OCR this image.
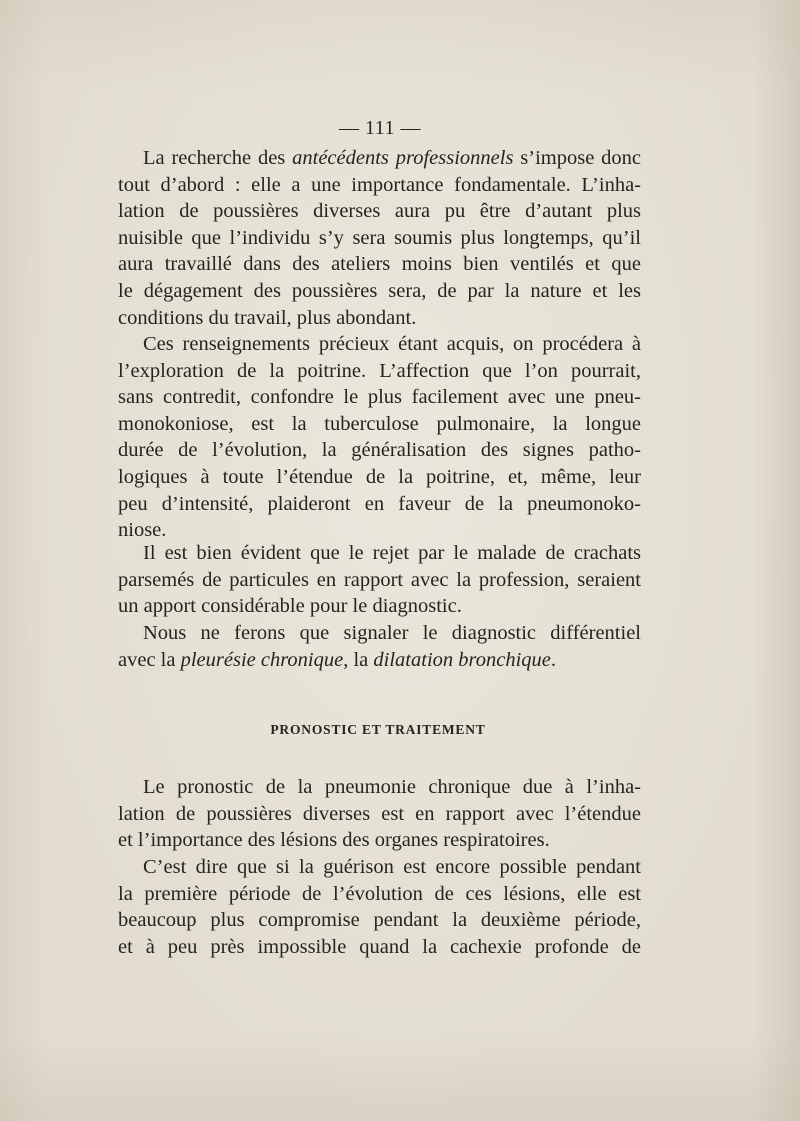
— 111 —
La recherche des antécédents professionnels s’impose donc
tout d’abord : elle a une importance fondamentale. L’inha-
lation de poussières diverses aura pu être d’autant plus
nuisible que l’individu s’y sera soumis plus longtemps, qu’il
aura travaillé dans des ateliers moins bien ventilés et que
le dégagement des poussières sera, de par la nature et les
conditions du travail, plus abondant.
Ces renseignements précieux étant acquis, on procédera à
l’exploration de la poitrine. L’affection que l’on pourrait,
sans contredit, confondre le plus facilement avec une pneu-
monokoniose, est la tuberculose pulmonaire, la longue
durée de l’évolution, la généralisation des signes patho-
logiques à toute l’étendue de la poitrine, et, même, leur
peu d’intensité, plaideront en faveur de la pneumonoko-
niose.
Il est bien évident que le rejet par le malade de crachats
parsemés de particules en rapport avec la profession, seraient
un apport considérable pour le diagnostic.
Nous ne ferons que signaler le diagnostic différentiel
avec la pleurésie chronique, la dilatation bronchique.
PRONOSTIC ET TRAITEMENT
Le pronostic de la pneumonie chronique due à l’inha-
lation de poussières diverses est en rapport avec l’étendue
et l’importance des lésions des organes respiratoires.
C’est dire que si la guérison est encore possible pendant
la première période de l’évolution de ces lésions, elle est
beaucoup plus compromise pendant la deuxième période,
et à peu près impossible quand la cachexie profonde de
